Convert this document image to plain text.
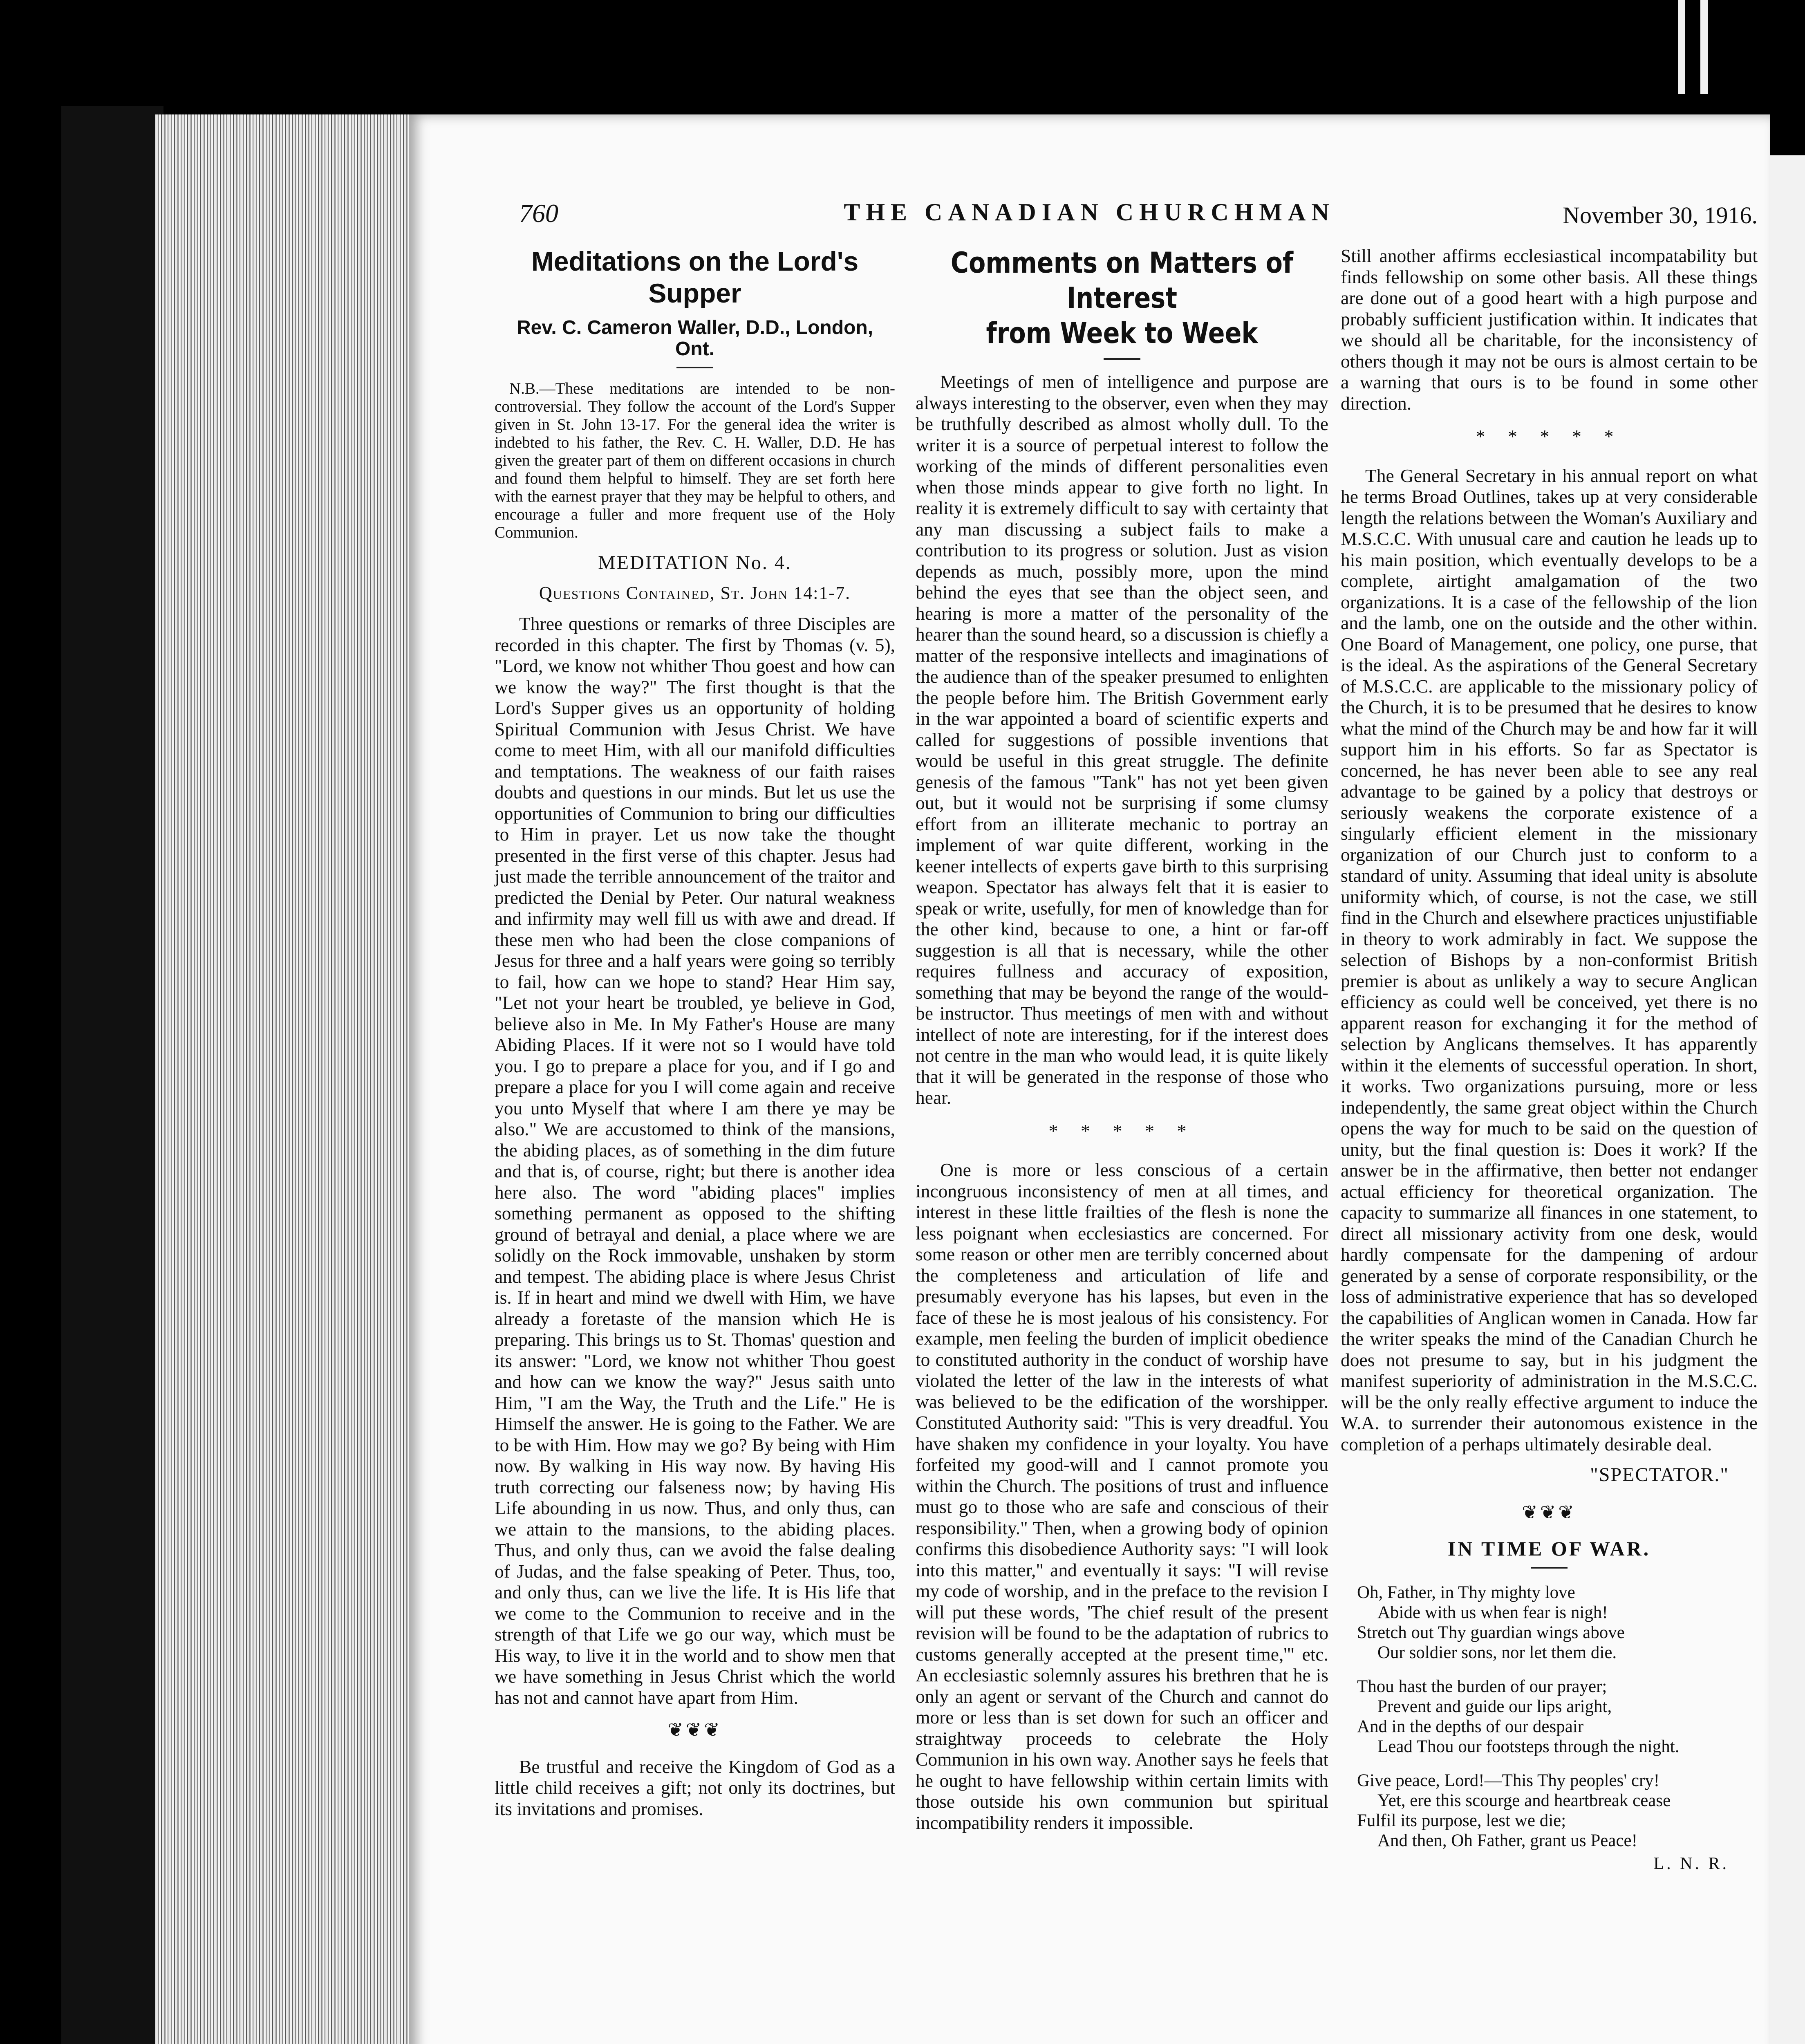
760	THE CANADIAN CHURCHMAN	November 30, 1916.
Meditations on the Lord's Supper
Rev. C. Cameron Waller, D.D., London, Ont.

N.B.—These meditations are intended to be non-controversial. They follow the account of the Lord's Supper given in St. John 13-17. For the general idea the writer is indebted to his father, the Rev. C. H. Waller, D.D. He has given the greater part of them on different occasions in church and found them helpful to himself. They are set forth here with the earnest prayer that they may be helpful to others, and encourage a fuller and more frequent use of the Holy Communion.

MEDITATION No. 4.
Questions Contained, St. John 14:1-7.

Three questions or remarks of three Disciples are recorded in this chapter. The first by Thomas (v. 5), "Lord, we know not whither Thou goest and how can we know the way?" The first thought is that the Lord's Supper gives us an opportunity of holding Spiritual Communion with Jesus Christ. We have come to meet Him, with all our manifold difficulties and temptations. The weakness of our faith raises doubts and questions in our minds. But let us use the opportunities of Communion to bring our difficulties to Him in prayer. Let us now take the thought presented in the first verse of this chapter. Jesus had just made the terrible announcement of the traitor and predicted the Denial by Peter. Our natural weakness and infirmity may well fill us with awe and dread. If these men who had been the close companions of Jesus for three and a half years were going so terribly to fail, how can we hope to stand? Hear Him say, "Let not your heart be troubled, ye believe in God, believe also in Me. In My Father's House are many Abiding Places. If it were not so I would have told you. I go to prepare a place for you, and if I go and prepare a place for you I will come again and receive you unto Myself that where I am there ye may be also." We are accustomed to think of the mansions, the abiding places, as of something in the dim future and that is, of course, right; but there is another idea here also. The word "abiding places" implies something permanent as opposed to the shifting ground of betrayal and denial, a place where we are solidly on the Rock immovable, unshaken by storm and tempest. The abiding place is where Jesus Christ is. If in heart and mind we dwell with Him, we have already a foretaste of the mansion which He is preparing. This brings us to St. Thomas' question and its answer: "Lord, we know not whither Thou goest and how can we know the way?" Jesus saith unto Him, "I am the Way, the Truth and the Life." He is Himself the answer. He is going to the Father. We are to be with Him. How may we go? By being with Him now. By walking in His way now. By having His truth correcting our falseness now; by having His Life abounding in us now. Thus, and only thus, can we attain to the mansions, to the abiding places. Thus, and only thus, can we avoid the false dealing of Judas, and the false speaking of Peter. Thus, too, and only thus, can we live the life. It is His life that we come to the Communion to receive and in the strength of that Life we go our way, which must be His way, to live it in the world and to show men that we have something in Jesus Christ which the world has not and cannot have apart from Him.

❦❦❦

Be trustful and receive the Kingdom of God as a little child receives a gift; not only its doctrines, but its invitations and promises.

Comments on Matters of Interest
from Week to Week

Meetings of men of intelligence and purpose are always interesting to the observer, even when they may be truthfully described as almost wholly dull. To the writer it is a source of perpetual interest to follow the working of the minds of different personalities even when those minds appear to give forth no light. In reality it is extremely difficult to say with certainty that any man discussing a subject fails to make a contribution to its progress or solution. Just as vision depends as much, possibly more, upon the mind behind the eyes that see than the object seen, and hearing is more a matter of the personality of the hearer than the sound heard, so a discussion is chiefly a matter of the responsive intellects and imaginations of the audience than of the speaker presumed to enlighten the people before him. The British Government early in the war appointed a board of scientific experts and called for suggestions of possible inventions that would be useful in this great struggle. The definite genesis of the famous "Tank" has not yet been given out, but it would not be surprising if some clumsy effort from an illiterate mechanic to portray an implement of war quite different, working in the keener intellects of experts gave birth to this surprising weapon. Spectator has always felt that it is easier to speak or write, usefully, for men of knowledge than for the other kind, because to one, a hint or far-off suggestion is all that is necessary, while the other requires fullness and accuracy of exposition, something that may be beyond the range of the would-be instructor. Thus meetings of men with and without intellect of note are interesting, for if the interest does not centre in the man who would lead, it is quite likely that it will be generated in the response of those who hear.

* * * * *

One is more or less conscious of a certain incongruous inconsistency of men at all times, and interest in these little frailties of the flesh is none the less poignant when ecclesiastics are concerned. For some reason or other men are terribly concerned about the completeness and articulation of life and presumably everyone has his lapses, but even in the face of these he is most jealous of his consistency. For example, men feeling the burden of implicit obedience to constituted authority in the conduct of worship have violated the letter of the law in the interests of what was believed to be the edification of the worshipper. Constituted Authority said: "This is very dreadful. You have shaken my confidence in your loyalty. You have forfeited my good-will and I cannot promote you within the Church. The positions of trust and influence must go to those who are safe and conscious of their responsibility." Then, when a growing body of opinion confirms this disobedience Authority says: "I will look into this matter," and eventually it says: "I will revise my code of worship, and in the preface to the revision I will put these words, 'The chief result of the present revision will be found to be the adaptation of rubrics to customs generally accepted at the present time,'" etc. An ecclesiastic solemnly assures his brethren that he is only an agent or servant of the Church and cannot do more or less than is set down for such an officer and straightway proceeds to celebrate the Holy Communion in his own way. Another says he feels that he ought to have fellowship within certain limits with those outside his own communion but spiritual incompatibility renders it impossible.

Still another affirms ecclesiastical incompatability but finds fellowship on some other basis. All these things are done out of a good heart with a high purpose and probably sufficient justification within. It indicates that we should all be charitable, for the inconsistency of others though it may not be ours is almost certain to be a warning that ours is to be found in some other direction.

* * * * *

The General Secretary in his annual report on what he terms Broad Outlines, takes up at very considerable length the relations between the Woman's Auxiliary and M.S.C.C. With unusual care and caution he leads up to his main position, which eventually develops to be a complete, airtight amalgamation of the two organizations. It is a case of the fellowship of the lion and the lamb, one on the outside and the other within. One Board of Management, one policy, one purse, that is the ideal. As the aspirations of the General Secretary of M.S.C.C. are applicable to the missionary policy of the Church, it is to be presumed that he desires to know what the mind of the Church may be and how far it will support him in his efforts. So far as Spectator is concerned, he has never been able to see any real advantage to be gained by a policy that destroys or seriously weakens the corporate existence of a singularly efficient element in the missionary organization of our Church just to conform to a standard of unity. Assuming that ideal unity is absolute uniformity which, of course, is not the case, we still find in the Church and elsewhere practices unjustifiable in theory to work admirably in fact. We suppose the selection of Bishops by a non-conformist British premier is about as unlikely a way to secure Anglican efficiency as could well be conceived, yet there is no apparent reason for exchanging it for the method of selection by Anglicans themselves. It has apparently within it the elements of successful operation. In short, it works. Two organizations pursuing, more or less independently, the same great object within the Church opens the way for much to be said on the question of unity, but the final question is: Does it work? If the answer be in the affirmative, then better not endanger actual efficiency for theoretical organization. The capacity to summarize all finances in one statement, to direct all missionary activity from one desk, would hardly compensate for the dampening of ardour generated by a sense of corporate responsibility, or the loss of administrative experience that has so developed the capabilities of Anglican women in Canada. How far the writer speaks the mind of the Canadian Church he does not presume to say, but in his judgment the manifest superiority of administration in the M.S.C.C. will be the only really effective argument to induce the W.A. to surrender their autonomous existence in the completion of a perhaps ultimately desirable deal.

"SPECTATOR."
❦❦❦
IN TIME OF WAR.
Oh, Father, in Thy mighty love
Abide with us when fear is nigh!
Stretch out Thy guardian wings above
Our soldier sons, nor let them die.
Thou hast the burden of our prayer;
Prevent and guide our lips aright,
And in the depths of our despair
Lead Thou our footsteps through the night.
Give peace, Lord!—This Thy peoples' cry!
Yet, ere this scourge and heartbreak cease
Fulfil its purpose, lest we die;
And then, Oh Father, grant us Peace!
L. N. R.
